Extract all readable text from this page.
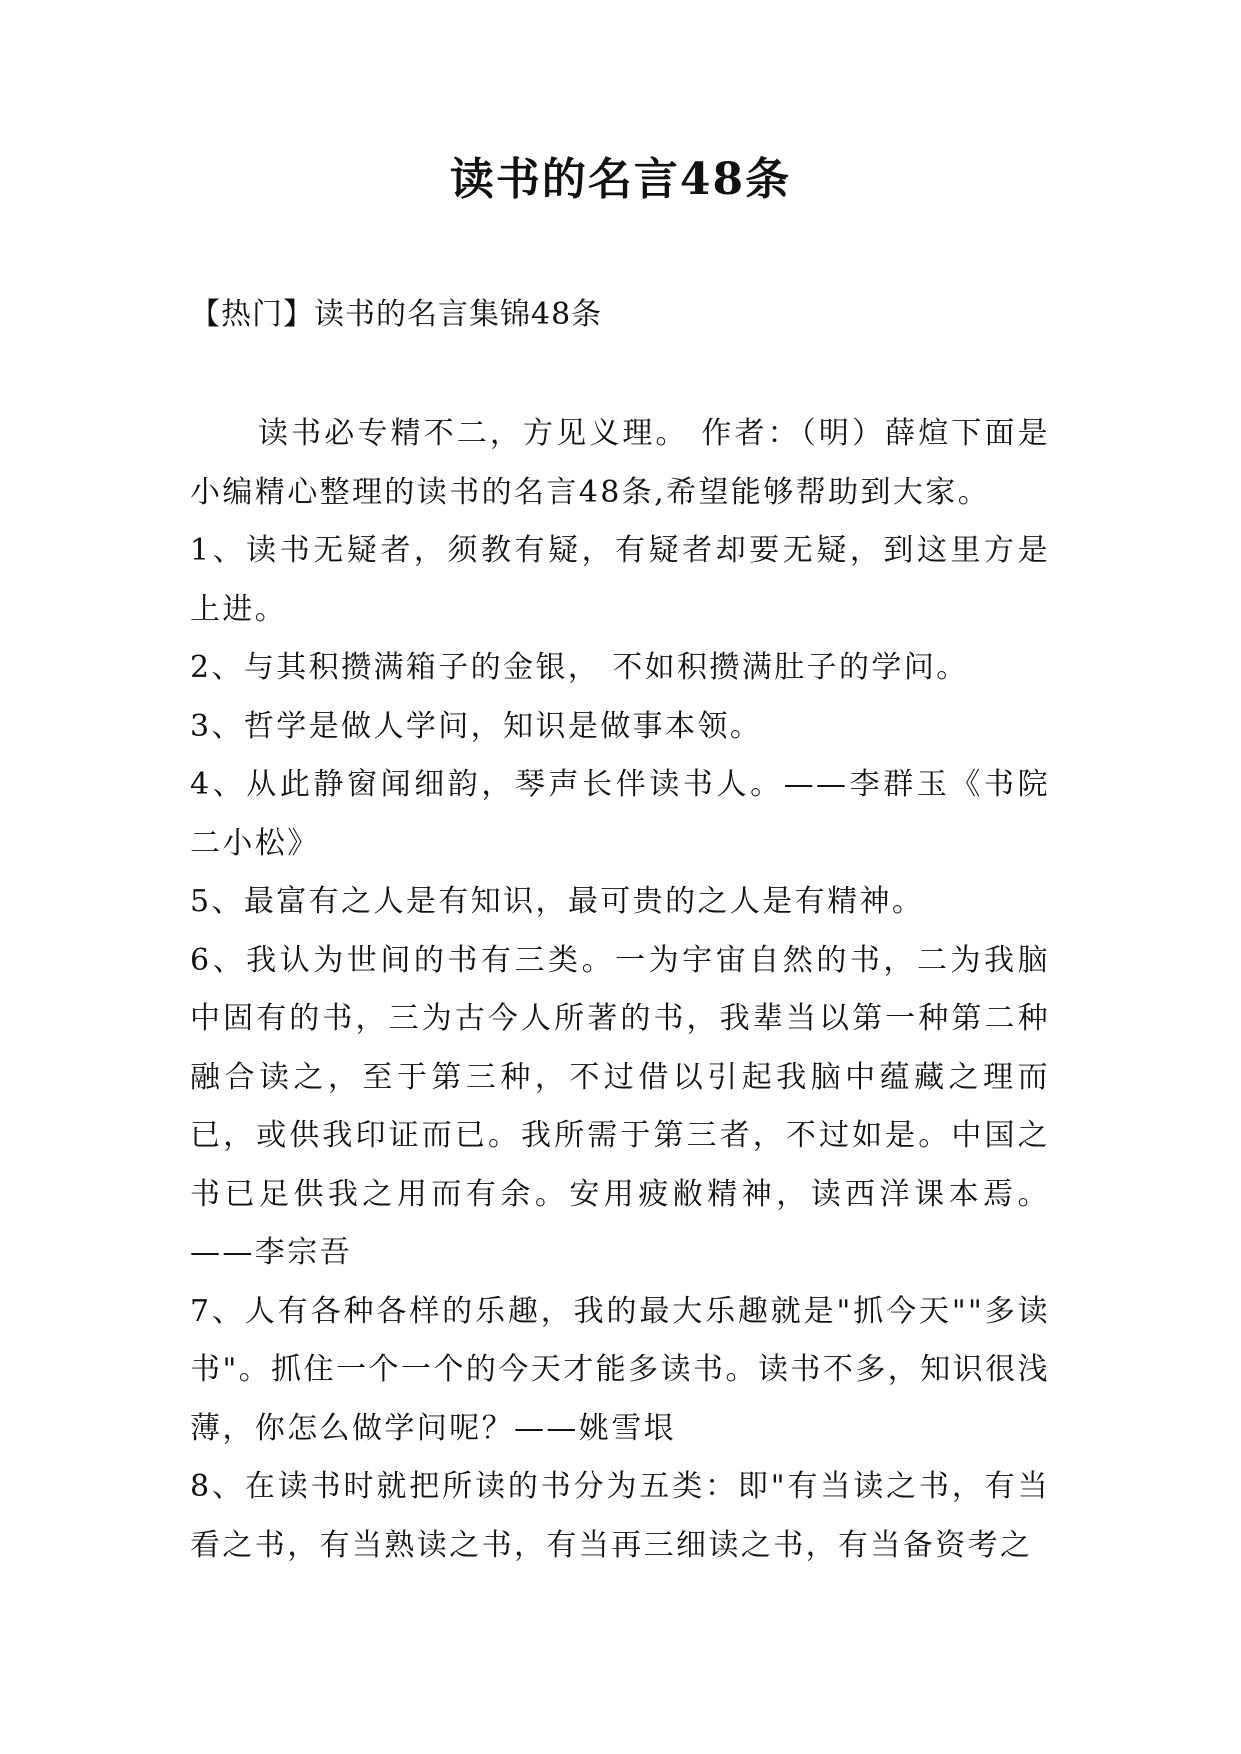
读书的名言48条
【热门】读书的名言集锦48条

读书必专精不二，方见义理。 作者：（明）薛煊下面是小编精心整理的读书的名言48条,希望能够帮助到大家。

1、读书无疑者，须教有疑，有疑者却要无疑，到这里方是上进。

2、与其积攒满箱子的金银， 不如积攒满肚子的学问。

3、哲学是做人学问，知识是做事本领。

4、从此静窗闻细韵，琴声长伴读书人。——李群玉《书院二小松》

5、最富有之人是有知识，最可贵的之人是有精神。

6、我认为世间的书有三类。一为宇宙自然的书，二为我脑中固有的书，三为古今人所著的书，我辈当以第一种第二种融合读之，至于第三种，不过借以引起我脑中蕴藏之理而已，或供我印证而已。我所需于第三者，不过如是。中国之书已足供我之用而有余。安用疲敝精神，读西洋课本焉。——李宗吾

7、人有各种各样的乐趣，我的最大乐趣就是"抓今天""多读书"。抓住一个一个的今天才能多读书。读书不多，知识很浅薄，你怎么做学问呢？——姚雪垠

8、在读书时就把所读的书分为五类：即"有当读之书，有当看之书，有当熟读之书，有当再三细读之书，有当备资考之
